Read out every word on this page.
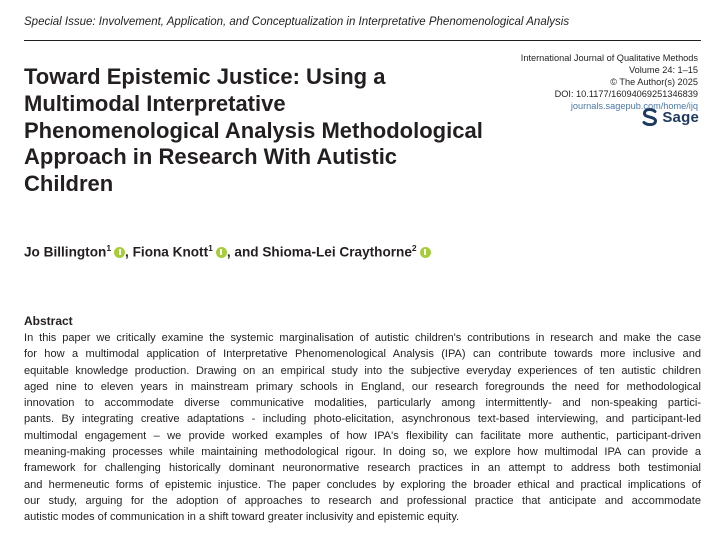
Special Issue: Involvement, Application, and Conceptualization in Interpretative Phenomenological Analysis
International Journal of Qualitative Methods
Volume 24: 1–15
© The Author(s) 2025
DOI: 10.1177/16094069251346839
journals.sagepub.com/home/ijq
Sage
Toward Epistemic Justice: Using a
Multimodal Interpretative
Phenomenological Analysis Methodological
Approach in Research With Autistic
Children
Jo Billington$^1$ , Fiona Knott$^1$ , and Shioma-Lei Craythorne$^2$
Abstract
In this paper we critically examine the systemic marginalisation of autistic children's contributions in research and make the case
for how a multimodal application of Interpretative Phenomenological Analysis (IPA) can contribute towards more inclusive and
equitable knowledge production. Drawing on an empirical study into the subjective everyday experiences of ten autistic children
aged nine to eleven years in mainstream primary schools in England, our research foregrounds the need for methodological
innovation to accommodate diverse communicative modalities, particularly among intermittently- and non-speaking partici-
pants. By integrating creative adaptations - including photo-elicitation, asynchronous text-based interviewing, and participant-led
multimodal engagement – we provide worked examples of how IPA's flexibility can facilitate more authentic, participant-driven
meaning-making processes while maintaining methodological rigour. In doing so, we explore how multimodal IPA can provide a
framework for challenging historically dominant neuronormative research practices in an attempt to address both testimonial
and hermeneutic forms of epistemic injustice. The paper concludes by exploring the broader ethical and practical implications of
our study, arguing for the adoption of approaches to research and professional practice that anticipate and accommodate
autistic modes of communication in a shift toward greater inclusivity and epistemic equity.
